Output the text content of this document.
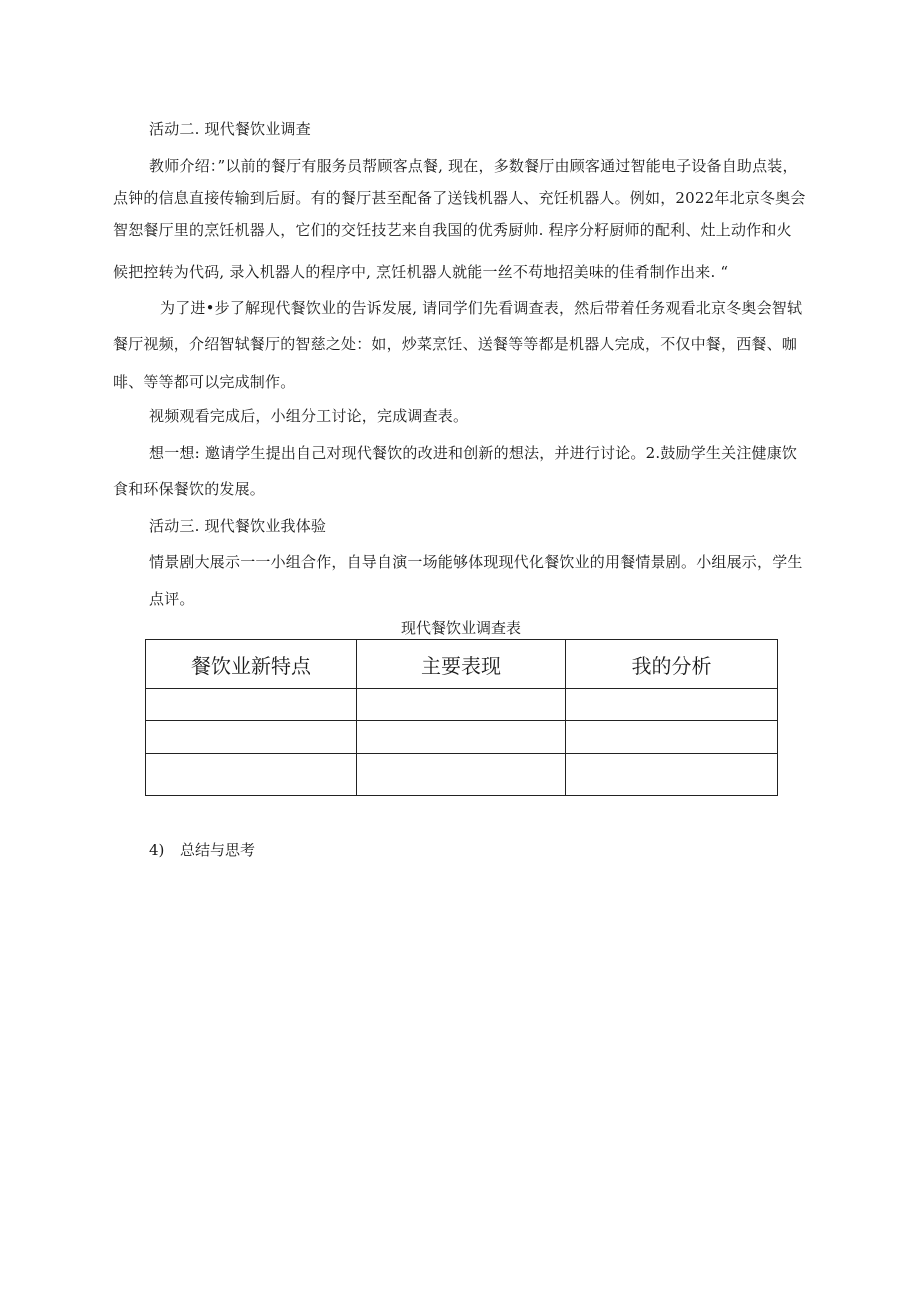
活动二. 现代餐饮业调查
教师介绍：”以前的餐厅有服务员帮顾客点餐, 现在，多数餐厅由顾客通过智能电子设备自助点装，
点钟的信息直接传输到后厨。有的餐厅甚至配备了送钱机器人、充饪机器人。例如，2022年北京冬奥会
智恕餐厅里的烹饪机器人，它们的交饪技艺来自我国的优秀厨帅. 程序分籽厨师的配利、灶上动作和火
候把控转为代码, 录入机器人的程序中, 烹饪机器人就能一丝不苟地招美味的佳肴制作出来. “
为了进•步了解现代餐饮业的告诉发展, 请同学们先看调查表，然后带着任务观看北京冬奥会智轼
餐厅视频，介绍智轼餐厅的智慈之处：如，炒菜烹饪、送餐等等都是机器人完成，不仅中餐，西餐、咖
啡、等等都可以完成制作。
视频观看完成后，小组分工讨论，完成调查表。
想一想: 邀请学生提出自己对现代餐饮的改进和创新的想法，并进行讨论。2.鼓励学生关注健康饮
食和环保餐饮的发展。
活动三. 现代餐饮业我体验
情景剧大展示一一小组合作，自导自演一场能够体现现代化餐饮业的用餐情景剧。小组展示，学生
点评。
现代餐饮业调查表
餐饮业新特点	主要表现	我的分析

4) 总结与思考
